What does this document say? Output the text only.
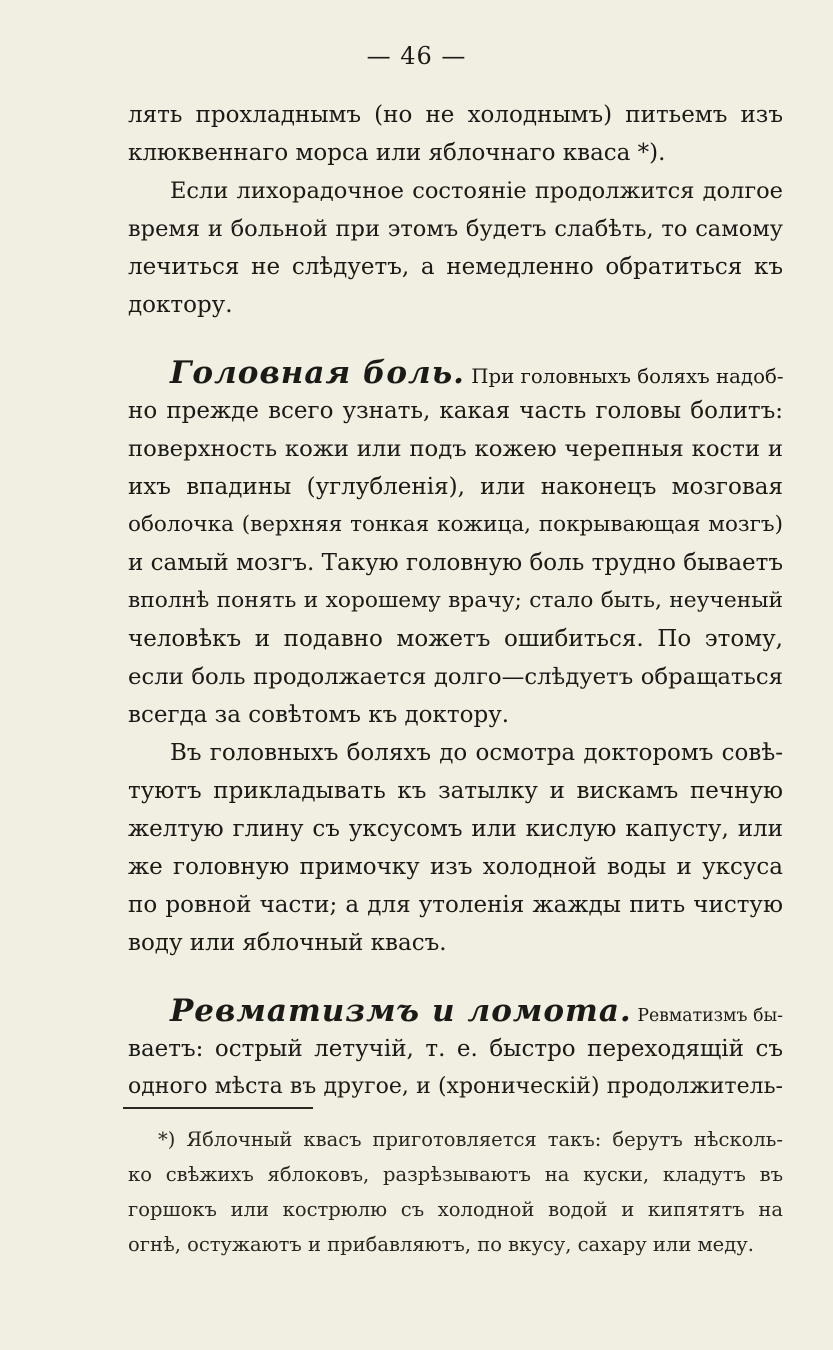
— 46 —
лять прохладнымъ (но не холоднымъ) питьемъ изъ
клюквеннаго морса или яблочнаго кваса *).
Если лихорадочное состоянiе продолжится долгое
время и больной при этомъ будетъ слабѣть, то самому
лечиться не слѣдуетъ, а немедленно обратиться къ
доктору.
Головная боль. При головныхъ боляхъ надоб-
но прежде всего узнать, какая часть головы болитъ:
поверхность кожи или подъ кожею черепныя кости и
ихъ впадины (углубленiя), или наконецъ мозговая
оболочка (верхняя тонкая кожица, покрывающая мозгъ)
и самый мозгъ. Такую головную боль трудно бываетъ
вполнѣ понять и хорошему врачу; стало быть, неученый
человѣкъ и подавно можетъ ошибиться. По этому,
если боль продолжается долго—слѣдуетъ обращаться
всегда за совѣтомъ къ доктору.
Въ головныхъ боляхъ до осмотра докторомъ совѣ-
туютъ прикладывать къ затылку и вискамъ печную
желтую глину съ уксусомъ или кислую капусту, или
же головную примочку изъ холодной воды и уксуса
по ровной части; а для утоленiя жажды пить чистую
воду или яблочный квасъ.
Ревматизмъ и ломота. Ревматизмъ бы-
ваетъ: острый летучiй, т. е. быстро переходящiй съ
одного мѣста въ другое, и (хроническiй) продолжитель-
*) Яблочный квасъ приготовляется такъ: берутъ нѣсколь-
ко свѣжихъ яблоковъ, разрѣзываютъ на куски, кладутъ въ
горшокъ или кострюлю съ холодной водой и кипятятъ на
огнѣ, остужаютъ и прибавляютъ, по вкусу, сахару или меду.
